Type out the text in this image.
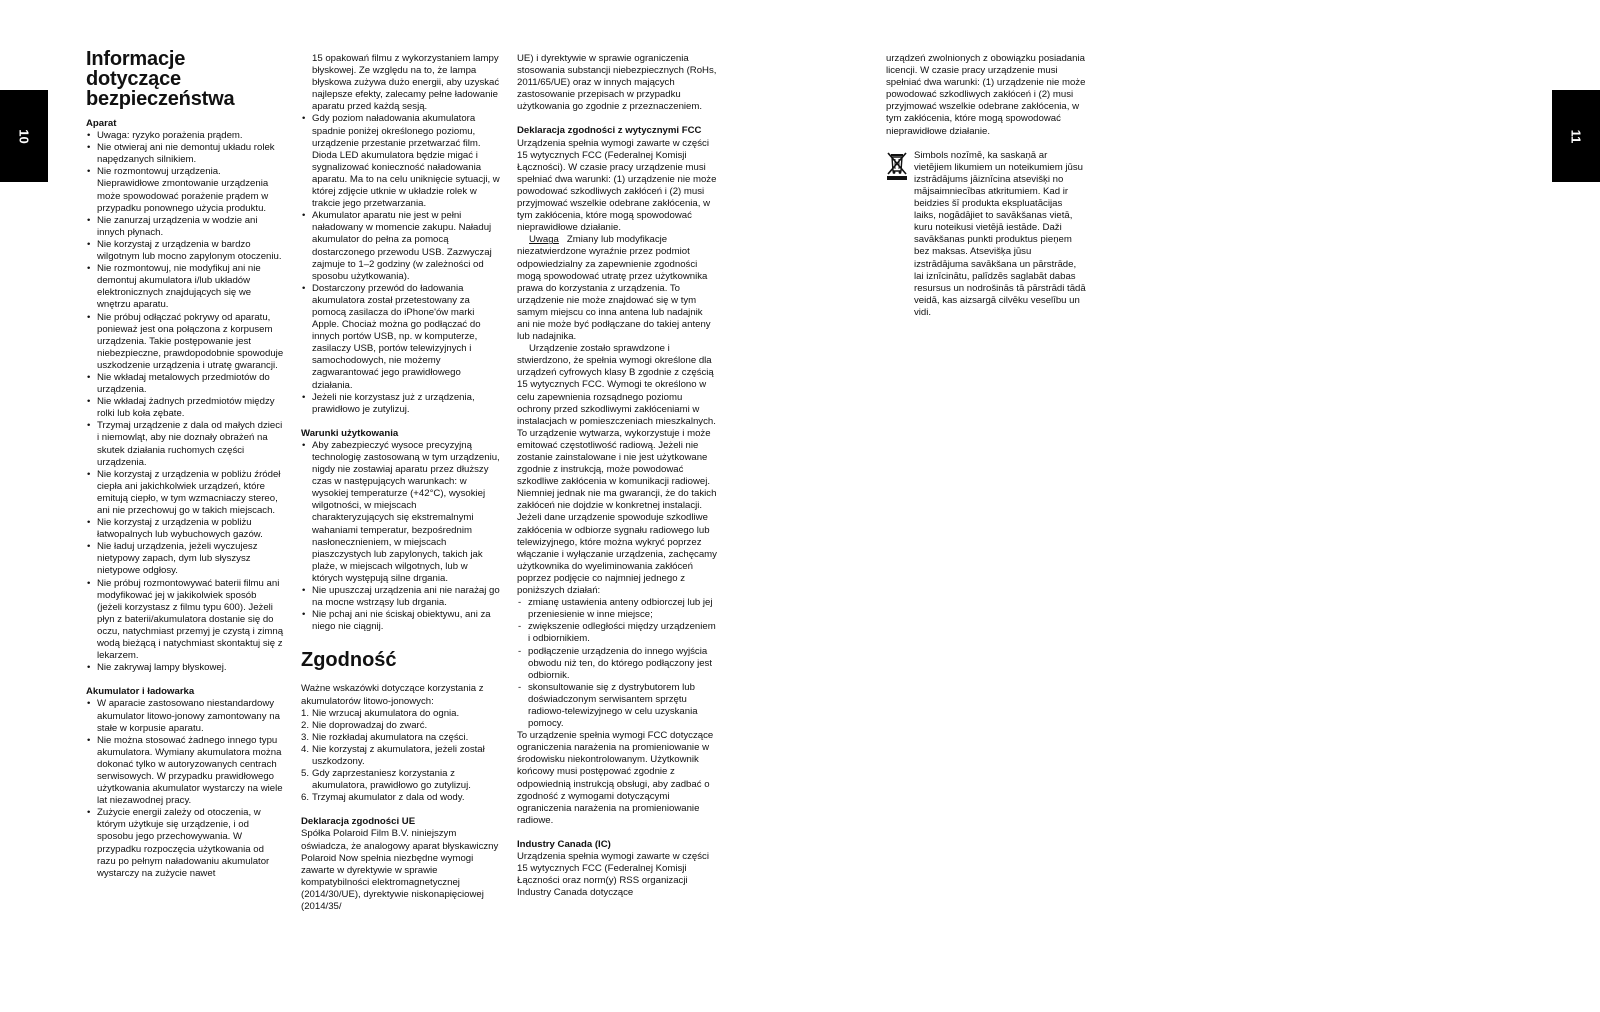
10	11
Informacje dotyczące bezpieczeństwa
Aparat
• Uwaga: ryzyko porażenia prądem.
• Nie otwieraj ani nie demontuj układu rolek napędzanych silnikiem.
• Nie rozmontowuj urządzenia. Nieprawidłowe zmontowanie urządzenia może spowodować porażenie prądem w przypadku ponownego użycia produktu.
• Nie zanurzaj urządzenia w wodzie ani innych płynach.
• Nie korzystaj z urządzenia w bardzo wilgotnym lub mocno zapylonym otoczeniu.
• Nie rozmontowuj, nie modyfikuj ani nie demontuj akumulatora i/lub układów elektronicznych znajdujących się we wnętrzu aparatu.
• Nie próbuj odłączać pokrywy od aparatu, ponieważ jest ona połączona z korpusem urządzenia. Takie postępowanie jest niebezpieczne, prawdopodobnie spowoduje uszkodzenie urządzenia i utratę gwarancji.
• Nie wkładaj metalowych przedmiotów do urządzenia.
• Nie wkładaj żadnych przedmiotów między rolki lub koła zębate.
• Trzymaj urządzenie z dala od małych dzieci i niemowląt, aby nie doznały obrażeń na skutek działania ruchomych części urządzenia.
• Nie korzystaj z urządzenia w pobliżu źródeł ciepła ani jakichkolwiek urządzeń, które emitują ciepło, w tym wzmacniaczy stereo, ani nie przechowuj go w takich miejscach.
• Nie korzystaj z urządzenia w pobliżu łatwopalnych lub wybuchowych gazów.
• Nie ładuj urządzenia, jeżeli wyczujesz nietypowy zapach, dym lub słyszysz nietypowe odgłosy.
• Nie próbuj rozmontowywać baterii filmu ani modyfikować jej w jakikolwiek sposób (jeżeli korzystasz z filmu typu 600). Jeżeli płyn z baterii/akumulatora dostanie się do oczu, natychmiast przemyj je czystą i zimną wodą bieżącą i natychmiast skontaktuj się z lekarzem.
• Nie zakrywaj lampy błyskowej.
Akumulator i ładowarka
• W aparacie zastosowano niestandardowy akumulator litowo-jonowy zamontowany na stałe w korpusie aparatu.
• Nie można stosować żadnego innego typu akumulatora. Wymiany akumulatora można dokonać tylko w autoryzowanych centrach serwisowych. W przypadku prawidłowego użytkowania akumulator wystarczy na wiele lat niezawodnej pracy.
• Zużycie energii zależy od otoczenia, w którym użytkuje się urządzenie, i od sposobu jego przechowywania. W przypadku rozpoczęcia użytkowania od razu po pełnym naładowaniu akumulator wystarczy na zużycie nawet

15 opakowań filmu z wykorzystaniem lampy błyskowej. Ze względu na to, że lampa błyskowa zużywa dużo energii, aby uzyskać najlepsze efekty, zalecamy pełne ładowanie aparatu przed każdą sesją.

• Gdy poziom naładowania akumulatora spadnie poniżej określonego poziomu, urządzenie przestanie przetwarzać film. Dioda LED akumulatora będzie migać i sygnalizować konieczność naładowania aparatu. Ma to na celu uniknięcie sytuacji, w której zdjęcie utknie w układzie rolek w trakcie jego przetwarzania.
• Akumulator aparatu nie jest w pełni naładowany w momencie zakupu. Naładuj akumulator do pełna za pomocą dostarczonego przewodu USB. Zazwyczaj zajmuje to 1–2 godziny (w zależności od sposobu użytkowania).
• Dostarczony przewód do ładowania akumulatora został przetestowany za pomocą zasilacza do iPhone'ów marki Apple. Chociaż można go podłączać do innych portów USB, np. w komputerze, zasilaczy USB, portów telewizyjnych i samochodowych, nie możemy zagwarantować jego prawidłowego działania.
• Jeżeli nie korzystasz już z urządzenia, prawidłowo je zutylizuj.
Warunki użytkowania
• Aby zabezpieczyć wysoce precyzyjną technologię zastosowaną w tym urządzeniu, nigdy nie zostawiaj aparatu przez dłuższy czas w następujących warunkach: w wysokiej temperaturze (+42°C), wysokiej wilgotności, w miejscach charakteryzujących się ekstremalnymi wahaniami temperatur, bezpośrednim nasłonecznieniem, w miejscach piaszczystych lub zapylonych, takich jak plaże, w miejscach wilgotnych, lub w których występują silne drgania.
• Nie upuszczaj urządzenia ani nie narażaj go na mocne wstrząsy lub drgania.
• Nie pchaj ani nie ściskaj obiektywu, ani za niego nie ciągnij.
Zgodność

Ważne wskazówki dotyczące korzystania z akumulatorów litowo-jonowych:

1. Nie wrzucaj akumulatora do ognia.
2. Nie doprowadzaj do zwarć.
3. Nie rozkładaj akumulatora na części.
4. Nie korzystaj z akumulatora, jeżeli został uszkodzony.
5. Gdy zaprzestaniesz korzystania z akumulatora, prawidłowo go zutylizuj.
6. Trzymaj akumulator z dala od wody.
Deklaracja zgodności UE

Spółka Polaroid Film B.V. niniejszym oświadcza, że analogowy aparat błyskawiczny Polaroid Now spełnia niezbędne wymogi zawarte w dyrektywie w sprawie kompatybilności elektromagnetycznej (2014/30/UE), dyrektywie niskonapięciowej (2014/35/

UE) i dyrektywie w sprawie ograniczenia stosowania substancji niebezpiecznych (RoHs, 2011/65/UE) oraz w innych mających zastosowanie przepisach w przypadku użytkowania go zgodnie z przeznaczeniem.

Deklaracja zgodności z wytycznymi FCC

Urządzenia spełnia wymogi zawarte w części 15 wytycznych FCC (Federalnej Komisji Łączności). W czasie pracy urządzenie musi spełniać dwa warunki: (1) urządzenie nie może powodować szkodliwych zakłóceń i (2) musi przyjmować wszelkie odebrane zakłócenia, w tym zakłócenia, które mogą spowodować nieprawidłowe działanie.

Uwaga Zmiany lub modyfikacje niezatwierdzone wyraźnie przez podmiot odpowiedzialny za zapewnienie zgodności mogą spowodować utratę przez użytkownika prawa do korzystania z urządzenia. To urządzenie nie może znajdować się w tym samym miejscu co inna antena lub nadajnik ani nie może być podłączane do takiej anteny lub nadajnika.

Urządzenie zostało sprawdzone i stwierdzono, że spełnia wymogi określone dla urządzeń cyfrowych klasy B zgodnie z częścią 15 wytycznych FCC. Wymogi te określono w celu zapewnienia rozsądnego poziomu ochrony przed szkodliwymi zakłóceniami w instalacjach w pomieszczeniach mieszkalnych. To urządzenie wytwarza, wykorzystuje i może emitować częstotliwość radiową. Jeżeli nie zostanie zainstalowane i nie jest użytkowane zgodnie z instrukcją, może powodować szkodliwe zakłócenia w komunikacji radiowej. Niemniej jednak nie ma gwarancji, że do takich zakłóceń nie dojdzie w konkretnej instalacji. Jeżeli dane urządzenie spowoduje szkodliwe zakłócenia w odbiorze sygnału radiowego lub telewizyjnego, które można wykryć poprzez włączanie i wyłączanie urządzenia, zachęcamy użytkownika do wyeliminowania zakłóceń poprzez podjęcie co najmniej jednego z poniższych działań:

- zmianę ustawienia anteny odbiorczej lub jej przeniesienie w inne miejsce;
- zwiększenie odległości między urządzeniem i odbiornikiem.
- podłączenie urządzenia do innego wyjścia obwodu niż ten, do którego podłączony jest odbiornik.
- skonsultowanie się z dystrybutorem lub doświadczonym serwisantem sprzętu radiowo-telewizyjnego w celu uzyskania pomocy.

To urządzenie spełnia wymogi FCC dotyczące ograniczenia narażenia na promieniowanie w środowisku niekontrolowanym. Użytkownik końcowy musi postępować zgodnie z odpowiednią instrukcją obsługi, aby zadbać o zgodność z wymogami dotyczącymi ograniczenia narażenia na promieniowanie radiowe.

Industry Canada (IC)

Urządzenia spełnia wymogi zawarte w części 15 wytycznych FCC (Federalnej Komisji Łączności oraz norm(y) RSS organizacji Industry Canada dotyczące

urządzeń zwolnionych z obowiązku posiadania licencji. W czasie pracy urządzenie musi spełniać dwa warunki: (1) urządzenie nie może powodować szkodliwych zakłóceń i (2) musi przyjmować wszelkie odebrane zakłócenia, w tym zakłócenia, które mogą spowodować nieprawidłowe działanie.

Simbols nozīmē, ka saskaņā ar vietējiem likumiem un noteikumiem jūsu izstrādājums jāiznīcina atsevišķi no mājsaimniecības atkritumiem. Kad ir beidzies šī produkta ekspluatācijas laiks, nogādājiet to savākšanas vietā, kuru noteikusi vietējā iestāde. Daži savākšanas punkti produktus pieņem bez maksas. Atsevišķa jūsu izstrādājuma savākšana un pārstrāde, lai iznīcinātu, palīdzēs saglabāt dabas resursus un nodrošinās tā pārstrādi tādā veidā, kas aizsargā cilvēku veselību un vidi.
